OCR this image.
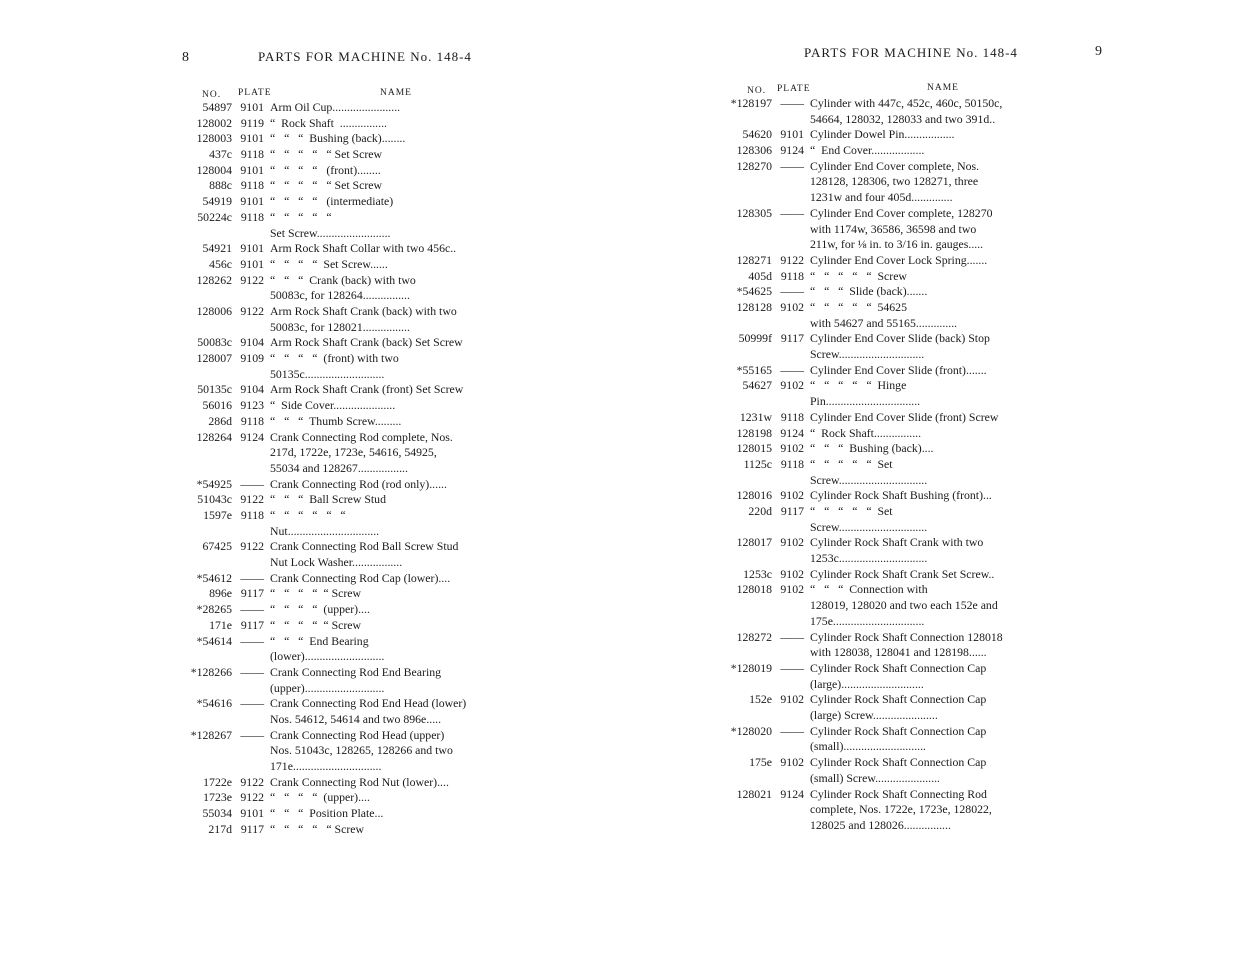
8	PARTS FOR MACHINE No. 148-4
NO. PLATE	NAME
54897 9101 Arm Oil Cup.......................
128002 9119 “  Rock Shaft  ................
128003 9101 “   “   “  Bushing (back)........
437c 9118 “   “   “   “   “ Set Screw
128004 9101 “   “   “   “   (front)........
888c 9118 “   “   “   “   “ Set Screw
54919 9101 “   “   “   “   (intermediate)
50224c 9118 “   “   “   “   “
Set Screw.........................
54921 9101 Arm Rock Shaft Collar with two 456c..
456c 9101 “   “   “   “  Set Screw......
128262 9122 “   “   “  Crank (back) with two
50083c, for 128264................
128006 9122 Arm Rock Shaft Crank (back) with two
50083c, for 128021................
50083c 9104 Arm Rock Shaft Crank (back) Set Screw
128007 9109 “   “   “   “  (front) with two
50135c...........................
50135c 9104 Arm Rock Shaft Crank (front) Set Screw
56016 9123 “  Side Cover.....................
286d 9118 “   “   “  Thumb Screw.........
128264 9124 Crank Connecting Rod complete, Nos.
217d, 1722e, 1723e, 54616, 54925,
55034 and 128267.................
*54925 —— Crank Connecting Rod (rod only)......
51043c 9122 “   “   “  Ball Screw Stud
1597e 9118 “   “   “   “   “   “
Nut...............................
67425 9122 Crank Connecting Rod Ball Screw Stud
Nut Lock Washer.................
*54612 —— Crank Connecting Rod Cap (lower)....
896e 9117 “   “   “   “  “ Screw
*28265 —— “   “   “   “  (upper)....
171e 9117 “   “   “   “  “ Screw
*54614 —— “   “   “  End Bearing
(lower)...........................
*128266 —— Crank Connecting Rod End Bearing
(upper)...........................
*54616 —— Crank Connecting Rod End Head (lower)
Nos. 54612, 54614 and two 896e.....
*128267 —— Crank Connecting Rod Head (upper)
Nos. 51043c, 128265, 128266 and two
171e..............................
1722e 9122 Crank Connecting Rod Nut (lower)....
1723e 9122 “   “   “   “  (upper)....
55034 9101 “   “   “  Position Plate...
217d 9117 “   “   “   “   “ Screw
9
PARTS FOR MACHINE No. 148-4
NO. PLATE	NAME
*128197 —— Cylinder with 447c, 452c, 460c, 50150c,
54664, 128032, 128033 and two 391d..
54620 9101 Cylinder Dowel Pin.................
128306 9124 “  End Cover..................
128270 —— Cylinder End Cover complete, Nos.
128128, 128306, two 128271, three
1231w and four 405d..............
128305 —— Cylinder End Cover complete, 128270
with 1174w, 36586, 36598 and two
211w, for ⅛ in. to 3/16 in. gauges.....
128271 9122 Cylinder End Cover Lock Spring.......
405d 9118 “   “   “   “   “  Screw
*54625 —— “   “   “  Slide (back).......
128128 9102 “   “   “   “   “  54625
with 54627 and 55165..............
50999f 9117 Cylinder End Cover Slide (back) Stop
Screw.............................
*55165 —— Cylinder End Cover Slide (front).......
54627 9102 “   “   “   “   “  Hinge
Pin................................
1231w 9118 Cylinder End Cover Slide (front) Screw
128198 9124 “  Rock Shaft................
128015 9102 “   “   “  Bushing (back)....
1125c 9118 “   “   “   “   “  Set
Screw..............................
128016 9102 Cylinder Rock Shaft Bushing (front)...
220d 9117 “   “   “   “   “  Set
Screw..............................
128017 9102 Cylinder Rock Shaft Crank with two
1253c..............................
1253c 9102 Cylinder Rock Shaft Crank Set Screw..
128018 9102 “   “   “  Connection with
128019, 128020 and two each 152e and
175e...............................
128272 —— Cylinder Rock Shaft Connection 128018
with 128038, 128041 and 128198......
*128019 —— Cylinder Rock Shaft Connection Cap
(large)............................
152e 9102 Cylinder Rock Shaft Connection Cap
(large) Screw......................
*128020 —— Cylinder Rock Shaft Connection Cap
(small)............................
175e 9102 Cylinder Rock Shaft Connection Cap
(small) Screw......................
128021 9124 Cylinder Rock Shaft Connecting Rod
complete, Nos. 1722e, 1723e, 128022,
128025 and 128026................
